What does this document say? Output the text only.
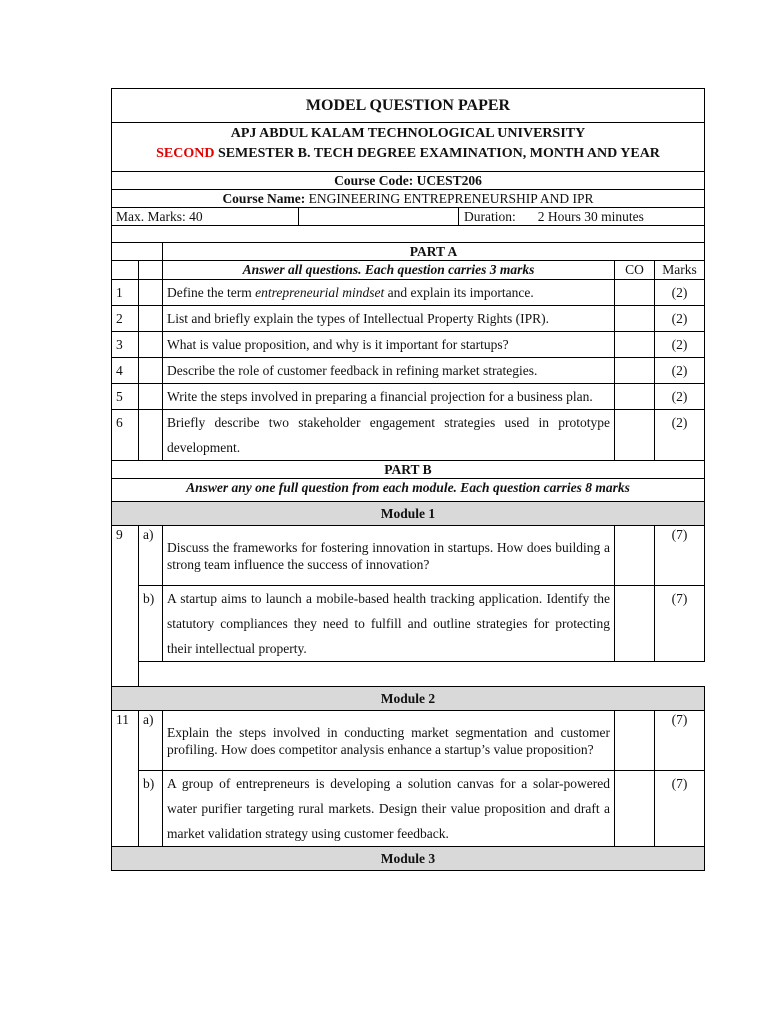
MODEL QUESTION PAPER						

APJ ABDUL KALAM TECHNOLOGICAL UNIVERSITY
SECOND SEMESTER B. TECH DEGREE EXAMINATION, MONTH AND YEAR						

Course Code: UCEST206						
Course Name: ENGINEERING ENTREPRENEURSHIP AND IPR						
Max. Marks: 40				Duration: 2 Hours 30 minutes		

		PART A				
		Answer all questions. Each question carries 3 marks			CO	Marks
1		Define the term entrepreneurial mindset and explain its importance.				(2)
2		List and briefly explain the types of Intellectual Property Rights (IPR).				(2)
3		What is value proposition, and why is it important for startups?				(2)
4		Describe the role of customer feedback in refining market strategies.				(2)
5		Write the steps involved in preparing a financial projection for a business plan.				(2)
6		Briefly describe two stakeholder engagement strategies used in prototype development.				(2)
PART B						
Answer any one full question from each module. Each question carries 8 marks						
Module 1						
9	a)	Discuss the frameworks for fostering innovation in startups. How does building a strong team influence the success of innovation?				(7)
	b)	A startup aims to launch a mobile-based health tracking application. Identify the statutory compliances they need to fulfill and outline strategies for protecting their intellectual property.				(7)

Module 2						
11	a)	Explain the steps involved in conducting market segmentation and customer profiling. How does competitor analysis enhance a startup’s value proposition?				(7)
	b)	A group of entrepreneurs is developing a solution canvas for a solar-powered water purifier targeting rural markets. Design their value proposition and draft a market validation strategy using customer feedback.				(7)
Module 3						
